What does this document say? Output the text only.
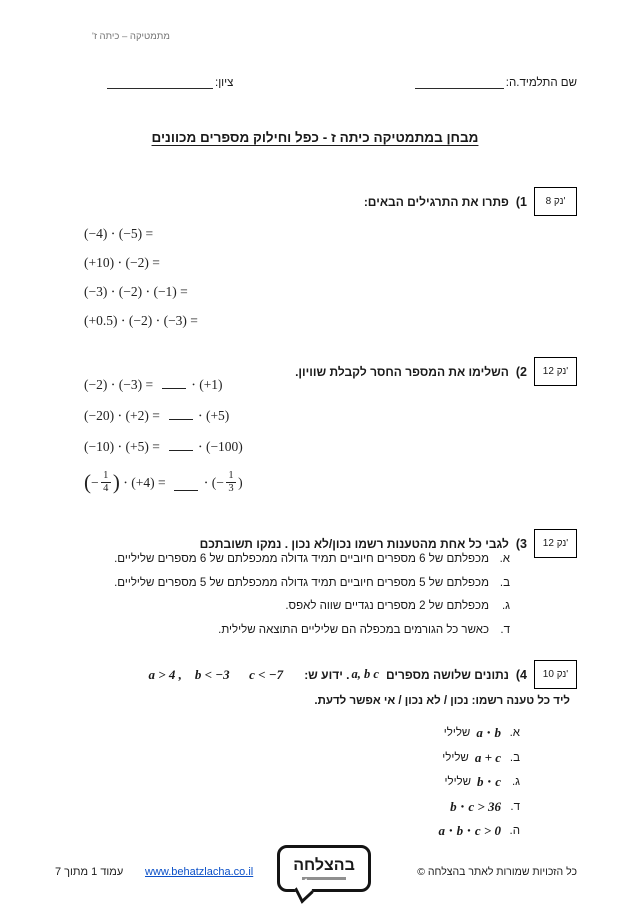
מתמטיקה – כיתה ז'
שם התלמיד.ה:
ציון:
מבחן במתמטיקה כיתה ז - כפל וחילוק מספרים מכוונים
8 נק'
1)
פתרו את התרגילים הבאים:
(−4) ⋅ (−5) =
(+10) ⋅ (−2) =
(−3) ⋅ (−2) ⋅ (−1) =
(+0.5) ⋅ (−2) ⋅ (−3) =
12 נק'
2)
השלימו את המספר החסר לקבלת שוויון.
(−2) ⋅ (−3) = ⋅ (+1)
(−20) ⋅ (+2) = ⋅ (+5)
(−10) ⋅ (+5) = ⋅ (−100)
( − $\frac{1}{4}$ ) ⋅ (+4) = ⋅ (− $\frac{1}{3}$ )
12 נק'
3)
לגבי כל אחת מהטענות רשמו נכון/לא נכון . נמקו תשובתכם
א.
מכפלתם של 6 מספרים חיוביים תמיד גדולה ממכפלתם של 6 מספרים שליליים.
ב.
מכפלתם של 5 מספרים חיוביים תמיד גדולה ממכפלתם של 5 מספרים שליליים.
ג.
מכפלתם של 2 מספרים נגדיים שווה לאפס.
ד.
כאשר כל הגורמים במכפלה הם שליליים התוצאה שלילית.
10 נק'
4)
נתונים שלושה מספרים
a, b c
. ידוע ש:
a > 4 ,    b < −3      c < −7
ליד כל טענה רשמו: נכון / לא נכון / אי אפשר לדעת.
א.
a ⋅ b
שלילי
ב.
a + c
שלילי
ג.
b ⋅ c
שלילי
ד.
b ⋅ c > 36
ה.
a ⋅ b ⋅ c > 0
כל הזכויות שמורות לאתר בהצלחה ©
בהצלחה
www.behatzlacha.co.il
עמוד 1 מתוך 7
